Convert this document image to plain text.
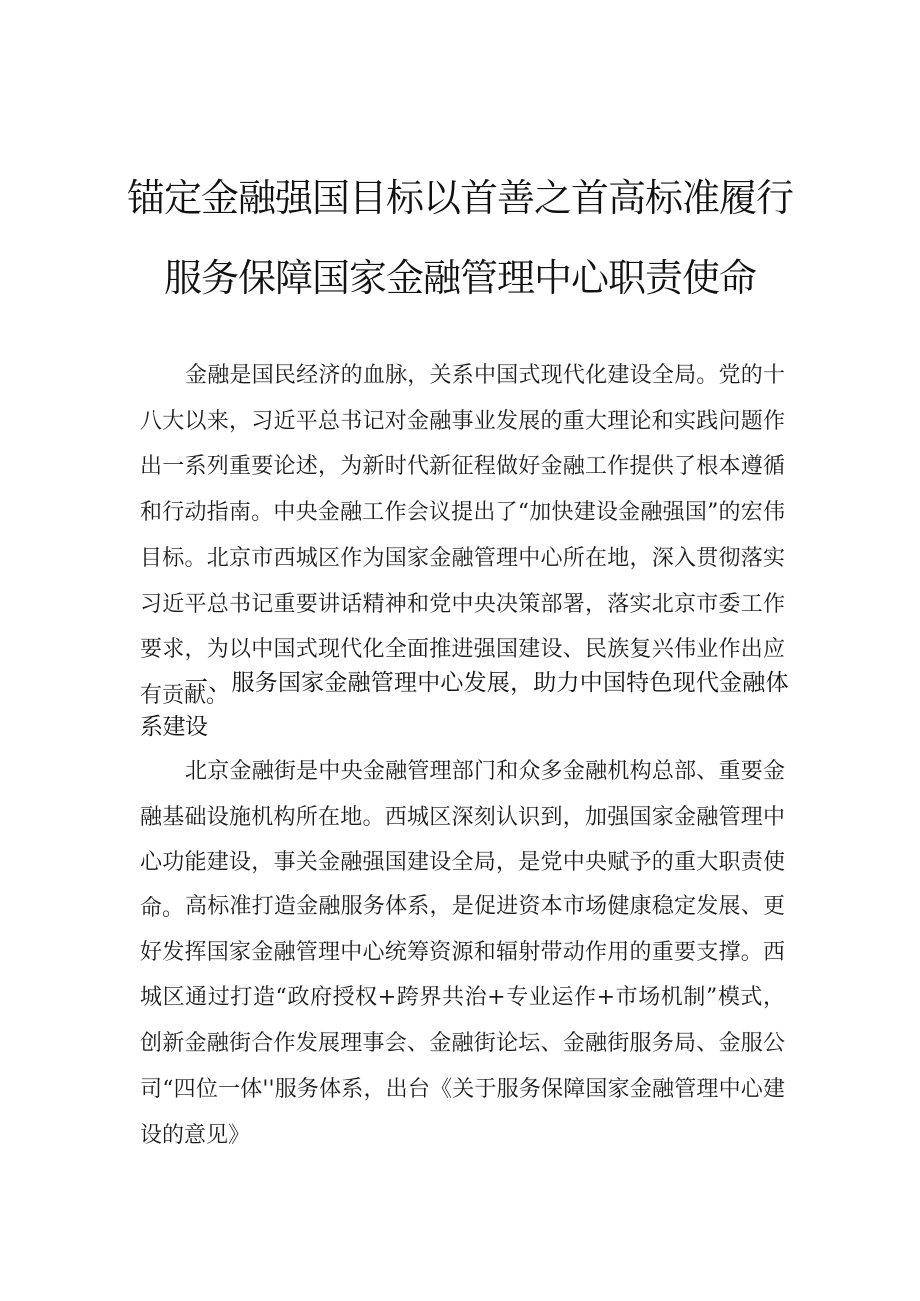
锚定金融强国目标以首善之首高标准履行
服务保障国家金融管理中心职责使命

金融是国民经济的血脉，关系中国式现代化建设全局。党的十八大以来，习近平总书记对金融事业发展的重大理论和实践问题作出一系列重要论述，为新时代新征程做好金融工作提供了根本遵循和行动指南。中央金融工作会议提出了“加快建设金融强国”的宏伟目标。北京市西城区作为国家金融管理中心所在地，深入贯彻落实习近平总书记重要讲话精神和党中央决策部署，落实北京市委工作要求，为以中国式现代化全面推进强国建设、民族复兴伟业作出应有贡献。

一、服务国家金融管理中心发展，助力中国特色现代金融体系建设

北京金融街是中央金融管理部门和众多金融机构总部、重要金融基础设施机构所在地。西城区深刻认识到，加强国家金融管理中心功能建设，事关金融强国建设全局，是党中央赋予的重大职责使命。 高标准打造金融服务体系，是促进资本市场健康稳定发展、更好发挥国家金融管理中心统筹资源和辐射带动作用的重要支撑。西城区通过打造“政府授权+跨界共治+专业运作+市场机制”模式，创新金融街合作发展理事会、金融街论坛、金融街服务局、金服公司“四位一体''服务体系，出台《关于服务保障国家金融管理中心建设的意见》
